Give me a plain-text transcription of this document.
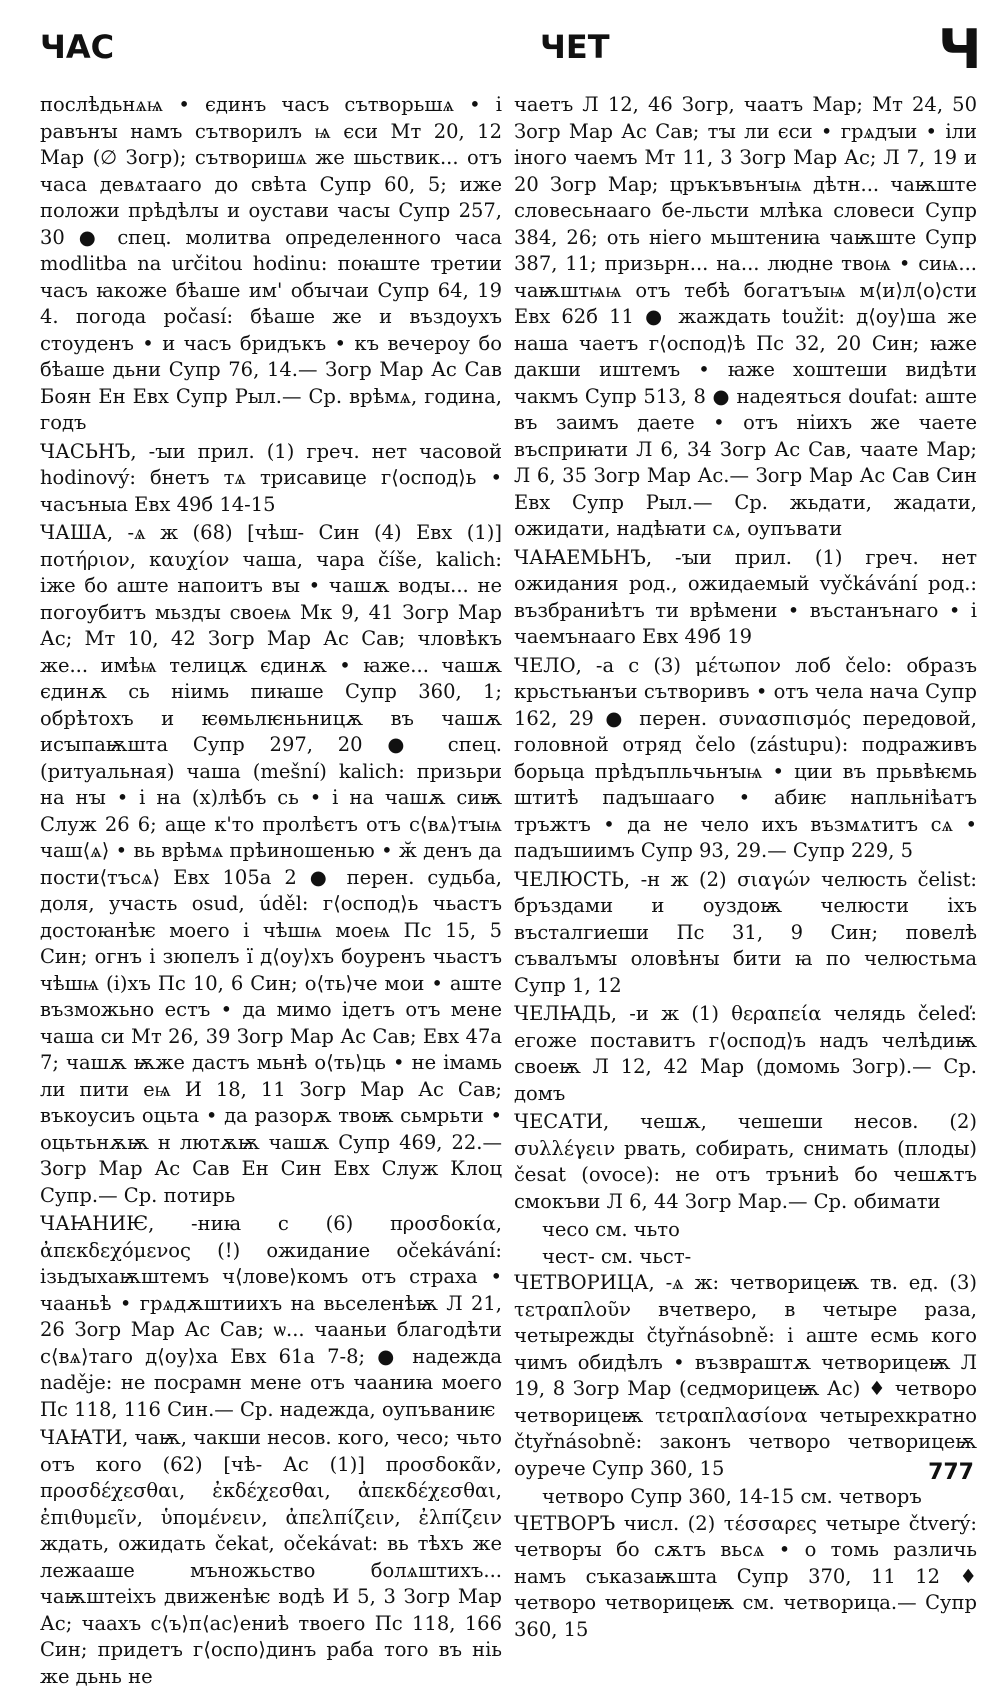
ЧАС	ЧЕТ	Ч

послѣдьнѧѩ • єдинъ часъ сътворьшѧ • і равънꙑ намъ сътворилъ ѩ єси Мт 20, 12 Мар (∅ Зогр); сътворишѧ же шьствик... отъ часа девѧтааго до свѣта Супр 60, 5; иже положи прѣдѣлꙑ и оустави часꙑ Супр 257, 30 ● спец. молитва определенного часа modlitba na určitou hodinu: поꙗште третии часъ ꙗкоже бѣаше им' обꙑчаи Супр 64, 19 4. погода počasí: бѣаше же и въздоухъ стоуденъ • и часъ бридъкъ • къ вечероу бо бѣаше дьни Супр 76, 14.— Зогр Мар Ас Сав Боян Ен Евх Супр Рыл.— Ср. врѣмѧ, година, годъ

ЧАСЬНЪ, -ꙑи прил. (1) греч. нет часовой hodinový: бнетъ тѧ трисавице г⟨оспод⟩ь • часъныа Евх 49б 14-15

ЧАША, -ѧ ж (68) [чѣш- Син (4) Евх (1)] ποτήριον, καυχίον чаша, чара číše, kalich: іже бо аште напоитъ вꙑ • чашѫ водꙑ... не погоубитъ мьздꙑ своеѩ Мк 9, 41 Зогр Мар Ас; Мт 10, 42 Зогр Мар Ас Сав; чловѣкъ же... имѣѩ телицѫ єдинѫ • ꙗже... чашѫ єдинѫ сь ніимь пиꙗше Супр 360, 1; обрѣтохъ и ѥѳмьлѥньницѫ въ чашѫ исꙑпаѭшта Супр 297, 20 ● спец. (ритуальная) чаша (mešní) kalich: призьри на нꙑ • і на (х)лѣбъ сь • і на чашѫ сиѭ Служ 26 6; аще к'то пролѣєтъ отъ с⟨вѧ⟩тꙑѩ чаш⟨ѧ⟩ • вь врѣмѧ прѣиношенью • ӂ денъ да пости⟨тъсѧ⟩ Евх 105а 2 ● перен. судьба, доля, участь osud, úděl: г⟨оспод⟩ь чьастъ достоꙗнѣѥ моего і чѣшѩ моеѩ Пс 15, 5 Син; огнъ і зюпелъ ї д⟨оу⟩хъ боуренъ чьастъ чѣшѩ (і)хъ Пс 10, 6 Син; о⟨ть⟩че мои • аште възможьно естъ • да мимо ідетъ отъ мене чаша си Мт 26, 39 Зогр Мар Ас Сав; Евх 47а 7; чашѫ ѭже дастъ мьнѣ о⟨ть⟩ць • не імамь ли пити еѩ И 18, 11 Зогр Мар Ас Сав; въкоусиъ оцьта • да разорѫ твоѭ сьмрьти • оцьтьнѫѭ н лютѫѭ чашѫ Супр 469, 22.— Зогр Мар Ас Сав Ен Син Евх Служ Клоц Супр.— Ср. потирь

ЧАꙖНИѤ, -ниꙗ с (6) προσδοκία, ἀπεκδεχόμενος (!) ожидание očekávání: ізьдꙑхаѭштемъ ч⟨лове⟩комъ отъ страха • чааньѣ • грѧдѫштиихъ на вьселенѣѭ Л 21, 26 Зогр Мар Ас Сав; ѡ... чааньи благодѣти с⟨вѧ⟩таго д⟨оу⟩ха Евх 61а 7-8; ● надежда naděje: не посрамн мене отъ чааниꙗ моего Пс 118, 116 Син.— Ср. надежда, оупъваниѥ

ЧАꙖТИ, чаѭ, чакши несов. кого, чесо; чьто отъ кого (62) [чѣ- Ас (1)] προσδοκᾶν, προσδέχεσθαι, ἐκδέχεσθαι, ἀπεκδέχεσθαι, ἐπιθυμεῖν, ὑπομένειν, ἀπελπίζειν, ἐλπίζειν ждать, ожидать čekat, očekávat: вь тѣхъ же лежааше мъножьство болѧштихъ... чаѭштеіхъ движенѣѥ водѣ И 5, 3 Зогр Мар Ас; чаахъ с⟨ъ⟩п⟨ас⟩ениѣ твоего Пс 118, 166 Син; придетъ г⟨оспо⟩динъ раба того въ ніь же дьнь не

чаетъ Л 12, 46 Зогр, чаатъ Мар; Мт 24, 50 Зогр Мар Ас Сав; тꙑ ли єси • грѧдꙑи • іли іного чаемъ Мт 11, 3 Зогр Мар Ас; Л 7, 19 и 20 Зогр Мар; цръкъвънꙑѩ дѣтн... чаѭште словесьнааго бе-льсти млѣка словеси Супр 384, 26; оть ніего мьштениꙗ чаѭште Супр 387, 11; призьрн... на... людне твоѩ • сиѩ... чаѭштѩѩ отъ тебѣ богатъꙑѩ м⟨и⟩л⟨о⟩сти Евх 62б 11 ● жаждать toužit: д⟨оу⟩ша же наша чаетъ г⟨оспод⟩ѣ Пс 32, 20 Син; ꙗже дакши иштемъ • ꙗже хоштеши видѣти чакмъ Супр 513, 8 ● надеяться doufat: аште въ заимъ даете • отъ ніихъ же чаете въсприꙗти Л 6, 34 Зогр Ас Сав, чаате Мар; Л 6, 35 Зогр Мар Ас.— Зогр Мар Ас Сав Син Евх Супр Рыл.— Ср. жьдати, жадати, ожидати, надѣꙗти сѧ, оупъвати

ЧАꙖЕМЬНЪ, -ꙑи прил. (1) греч. нет ожидания род., ожидаемый vyčkávání род.: възбраниѣтъ ти врѣмени • въстанънаго • і чаемънааго Евх 49б 19

ЧЕЛО, -а с (3) μέτωπον лоб čelo: образъ крьстьꙗнъи сътворивъ • отъ чела нача Супр 162, 29 ● перен. συνασπισμός передовой, головной отряд čelo (zástupu): подраживъ борьца прѣдъпльчьнꙑѩ • ции въ прьвѣѥмь штитѣ падъшааго • абиѥ напльніѣатъ тръжтъ • да не чело ихъ възмѧтитъ сѧ • падъшиимъ Супр 93, 29.— Супр 229, 5

ЧЕЛЮСТЬ, -н ж (2) σιαγών челюсть čelist: бръздами и оуздоѭ челюсти іхъ въсталгиеши Пс 31, 9 Син; повелѣ съвалъмꙑ оловѣнꙑ бити ꙗ по челюстьма Супр 1, 12

ЧЕЛꙖДЬ, -и ж (1) θεραπεία челядь čeleď: егоже поставитъ г⟨оспод⟩ъ надъ челѣдиѭ своеѭ Л 12, 42 Мар (домомь Зогр).— Ср. домъ

ЧЕСАТИ, чешѫ, чешеши несов. (2) συλλέγειν рвать, собирать, снимать (плоды) česat (ovoce): не отъ тръниѣ бо чешѫтъ смокъви Л 6, 44 Зогр Мар.— Ср. обимати

чесо см. чьто

чест- см. чьст-

ЧЕТВОРИЦА, -ѧ ж: четворицеѭ тв. ед. (3) τετραπλοῦν вчетверо, в четыре раза, четырежды čtyřnásobně: і аште есмь кого чимъ обидѣлъ • възвраштѫ четворицеѭ Л 19, 8 Зогр Мар (седморицеѭ Ас) ♦ четворо четворицеѭ τετραπλασίονα четырехкратно čtyřnásobně: законъ четворо четворицеѭ оурече Супр 360, 15

четворо Супр 360, 14-15 см. четворъ

ЧЕТВОРЪ числ. (2) τέσσαρες четыре čtverý: четворꙑ бо сѫтъ вьсѧ • о томь различь намъ съказаѭшта Супр 370, 11 12 ♦ четворо четворицеѭ см. четворица.— Супр 360, 15

777
